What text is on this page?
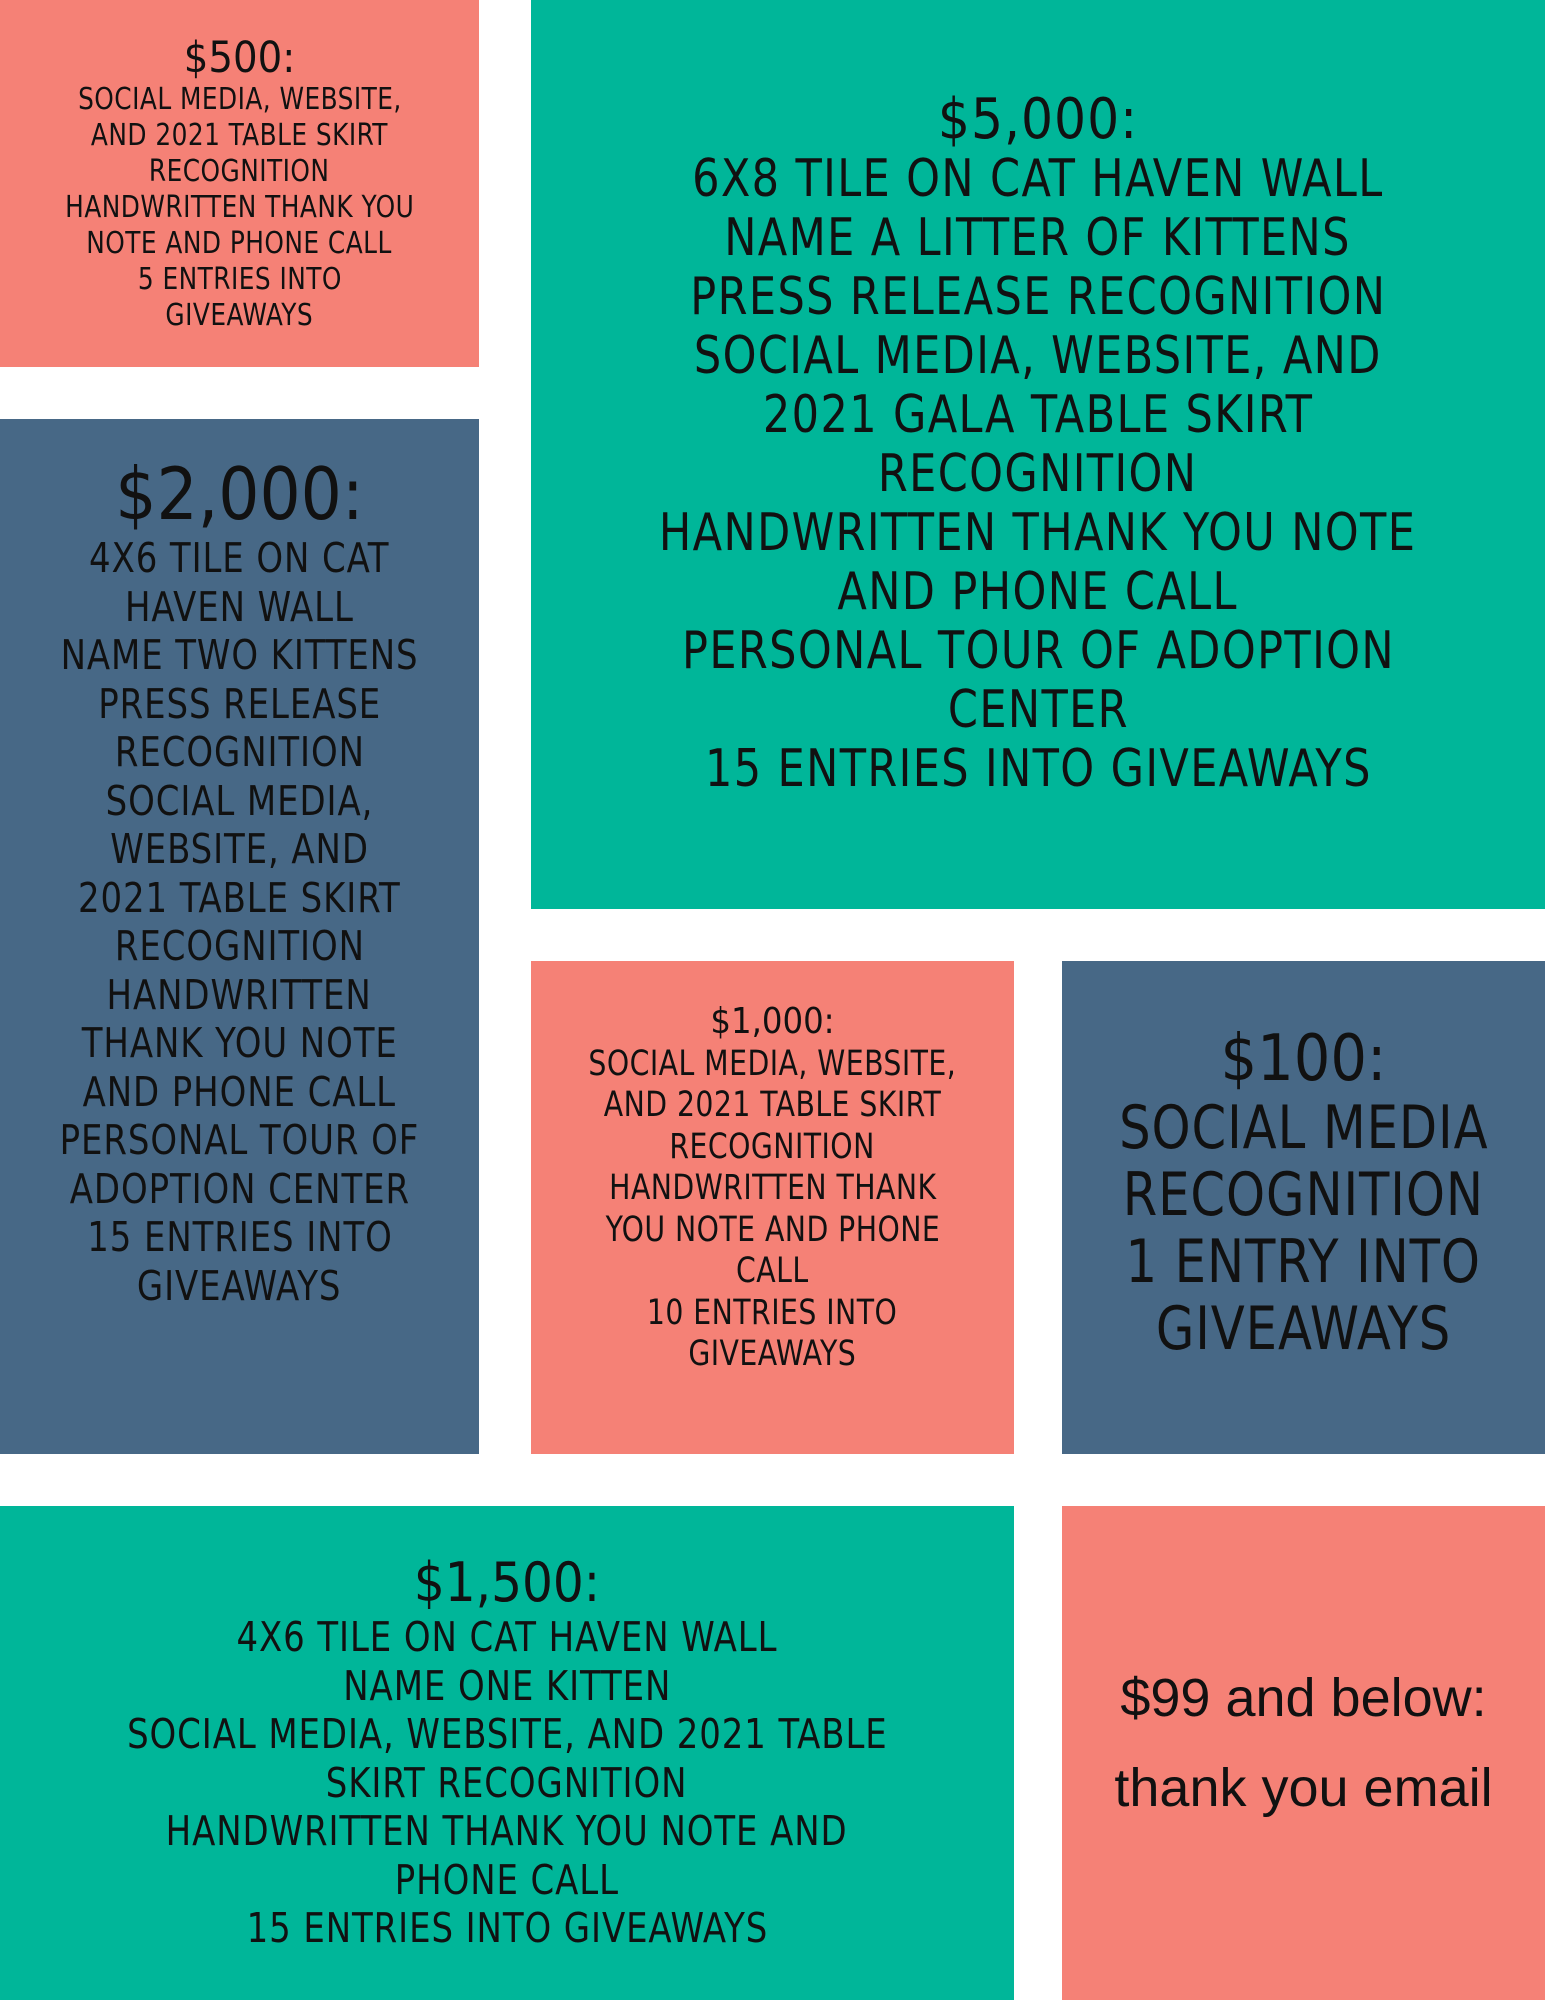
$500:
SOCIAL MEDIA, WEBSITE,
AND 2021 TABLE SKIRT
RECOGNITION
HANDWRITTEN THANK YOU
NOTE AND PHONE CALL
5 ENTRIES INTO
GIVEAWAYS
$5,000:
6X8 TILE ON CAT HAVEN WALL
NAME A LITTER OF KITTENS
PRESS RELEASE RECOGNITION
SOCIAL MEDIA, WEBSITE, AND
2021 GALA TABLE SKIRT
RECOGNITION
HANDWRITTEN THANK YOU NOTE
AND PHONE CALL
PERSONAL TOUR OF ADOPTION
CENTER
15 ENTRIES INTO GIVEAWAYS
$2,000:
4X6 TILE ON CAT
HAVEN WALL
NAME TWO KITTENS
PRESS RELEASE
RECOGNITION
SOCIAL MEDIA,
WEBSITE, AND
2021 TABLE SKIRT
RECOGNITION
HANDWRITTEN
THANK YOU NOTE
AND PHONE CALL
PERSONAL TOUR OF
ADOPTION CENTER
15 ENTRIES INTO
GIVEAWAYS
$1,000:
SOCIAL MEDIA, WEBSITE,
AND 2021 TABLE SKIRT
RECOGNITION
HANDWRITTEN THANK
YOU NOTE AND PHONE
CALL
10 ENTRIES INTO
GIVEAWAYS
$100:
SOCIAL MEDIA
RECOGNITION
1 ENTRY INTO
GIVEAWAYS
$1,500:
4X6 TILE ON CAT HAVEN WALL
NAME ONE KITTEN
SOCIAL MEDIA, WEBSITE, AND 2021 TABLE
SKIRT RECOGNITION
HANDWRITTEN THANK YOU NOTE AND
PHONE CALL
15 ENTRIES INTO GIVEAWAYS
$99 and below:
thank you email
